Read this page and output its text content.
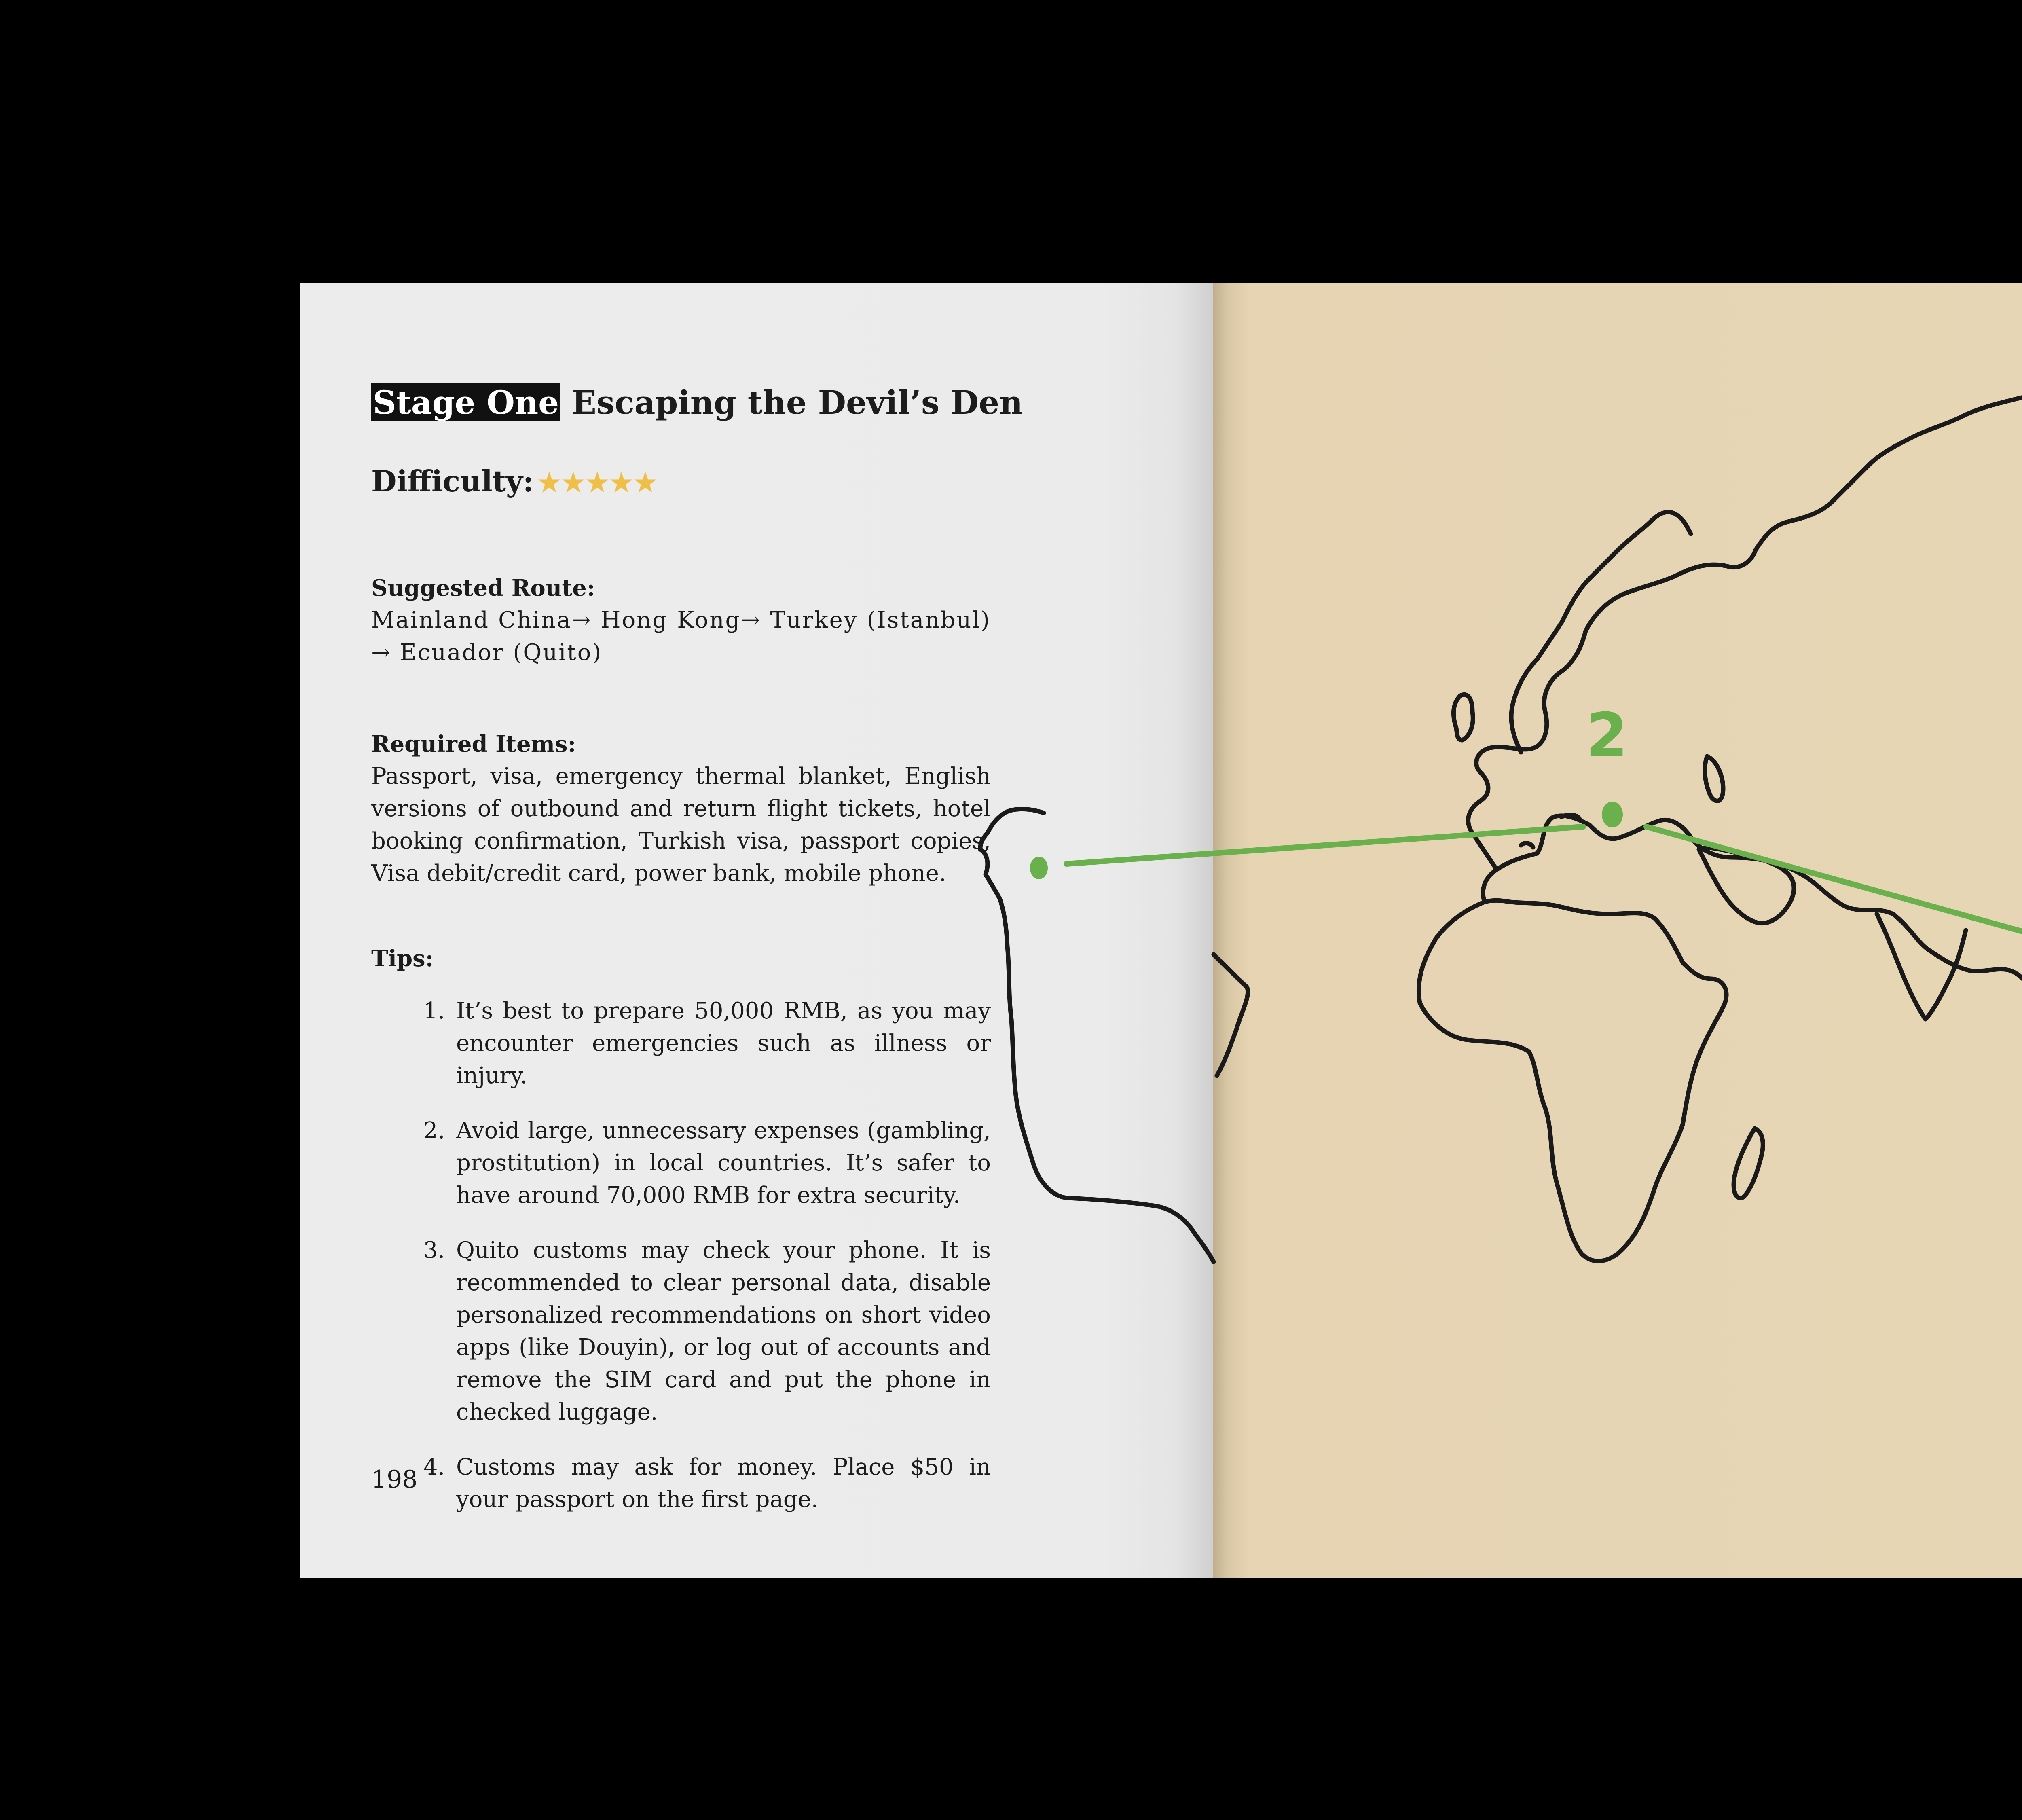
2
Stage One Escaping the Devil’s Den
Difficulty: ★★★★★
Suggested Route:
Mainland China→ Hong Kong→ Turkey (Istanbul) → Ecuador (Quito)
Required Items:
Passport, visa, emergency thermal blanket, English versions of outbound and return flight tickets, hotel booking confirmation, Turkish visa, passport copies, Visa debit/credit card, power bank, mobile phone.
Tips:
1. It’s best to prepare 50,000 RMB, as you may encounter emergencies such as illness or injury.
2. Avoid large, unnecessary expenses (gambling, prostitution) in local countries. It’s safer to have around 70,000 RMB for extra security.
3. Quito customs may check your phone. It is recommended to clear personal data, disable personalized recommendations on short video apps (like Douyin), or log out of accounts and remove the SIM card and put the phone in checked luggage.
4. Customs may ask for money. Place $50 in your passport on the first page.
198
